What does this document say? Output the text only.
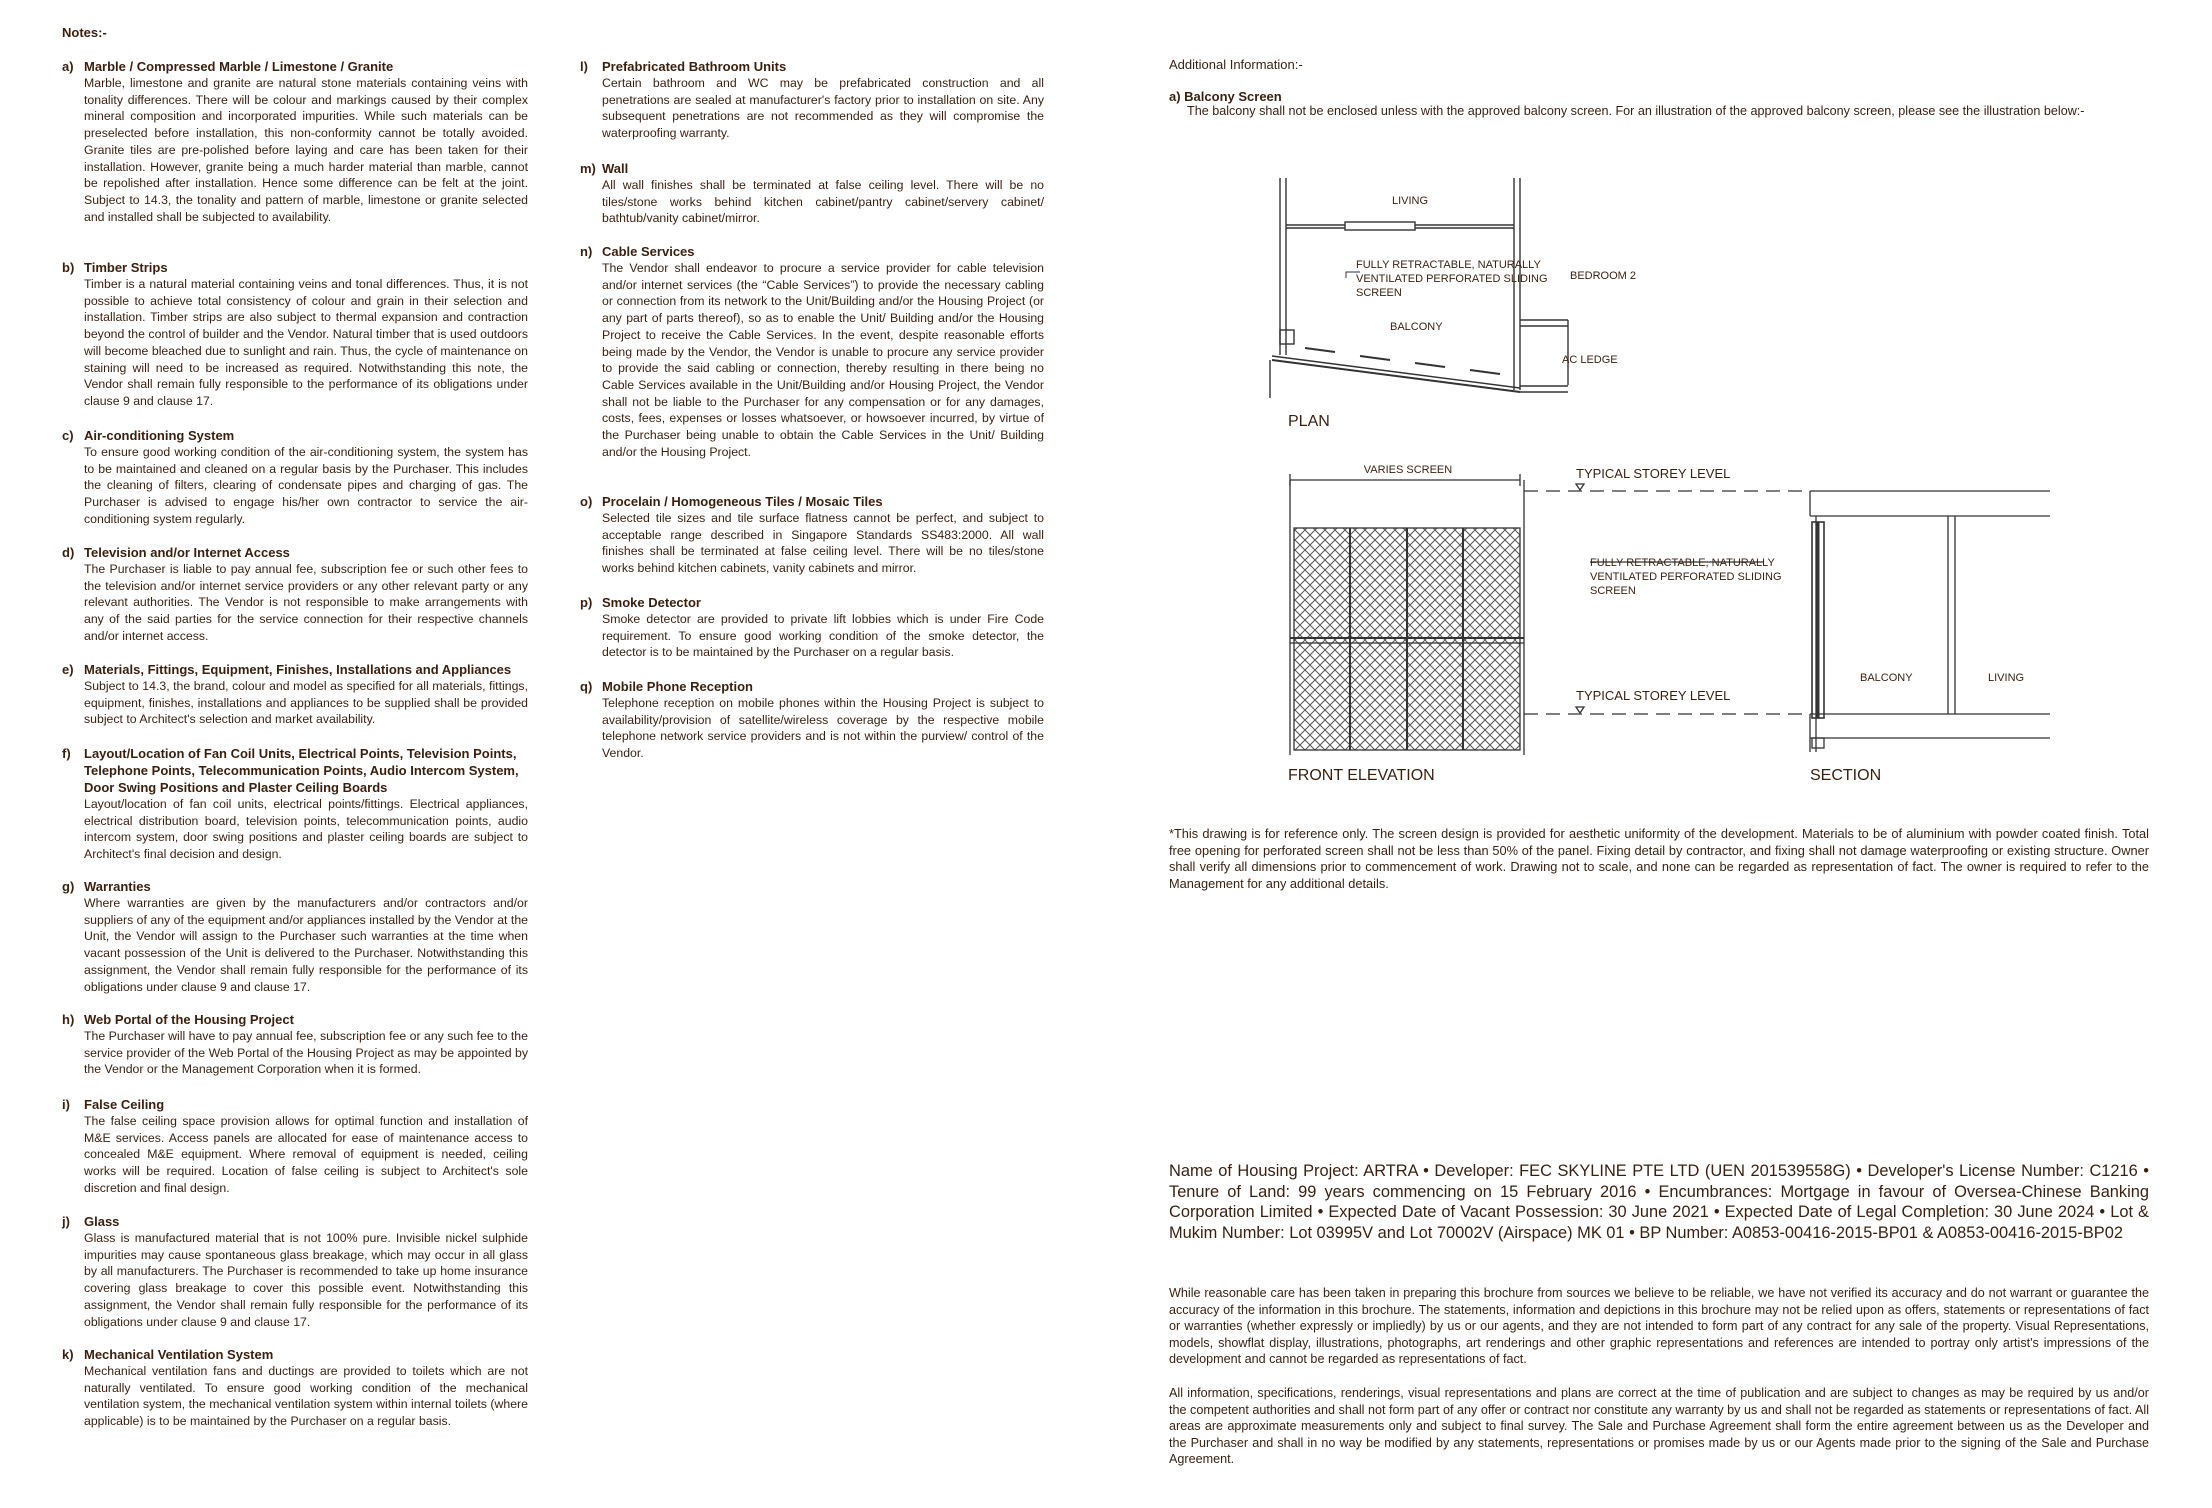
Notes:-
a) Marble / Compressed Marble / Limestone / Granite
Marble, limestone and granite are natural stone materials containing veins with tonality differences. There will be colour and markings caused by their complex mineral composition and incorporated impurities. While such materials can be preselected before installation, this non-conformity cannot be totally avoided. Granite tiles are pre-polished before laying and care has been taken for their installation. However, granite being a much harder material than marble, cannot be repolished after installation. Hence some difference can be felt at the joint. Subject to 14.3, the tonality and pattern of marble, limestone or granite selected and installed shall be subjected to availability.
b) Timber Strips
Timber is a natural material containing veins and tonal differences. Thus, it is not possible to achieve total consistency of colour and grain in their selection and installation. Timber strips are also subject to thermal expansion and contraction beyond the control of builder and the Vendor. Natural timber that is used outdoors will become bleached due to sunlight and rain. Thus, the cycle of maintenance on staining will need to be increased as required. Notwithstanding this note, the Vendor shall remain fully responsible to the performance of its obligations under clause 9 and clause 17.
c) Air-conditioning System
To ensure good working condition of the air-conditioning system, the system has to be maintained and cleaned on a regular basis by the Purchaser. This includes the cleaning of filters, clearing of condensate pipes and charging of gas. The Purchaser is advised to engage his/her own contractor to service the air-conditioning system regularly.
d) Television and/or Internet Access
The Purchaser is liable to pay annual fee, subscription fee or such other fees to the television and/or internet service providers or any other relevant party or any relevant authorities. The Vendor is not responsible to make arrangements with any of the said parties for the service connection for their respective channels and/or internet access.
e) Materials, Fittings, Equipment, Finishes, Installations and Appliances
Subject to 14.3, the brand, colour and model as specified for all materials, fittings, equipment, finishes, installations and appliances to be supplied shall be provided subject to Architect's selection and market availability.
f)	Layout/Location of Fan Coil Units, Electrical Points, Television Points, Telephone Points, Telecommunication Points, Audio Intercom System, Door Swing Positions and Plaster Ceiling Boards
Layout/location of fan coil units, electrical points/fittings. Electrical appliances, electrical distribution board, television points, telecommunication points, audio intercom system, door swing positions and plaster ceiling boards are subject to Architect's final decision and design.
g) Warranties
Where warranties are given by the manufacturers and/or contractors and/or suppliers of any of the equipment and/or appliances installed by the Vendor at the Unit, the Vendor will assign to the Purchaser such warranties at the time when vacant possession of the Unit is delivered to the Purchaser. Notwithstanding this assignment, the Vendor shall remain fully responsible for the performance of its obligations under clause 9 and clause 17.
h) Web Portal of the Housing Project
The Purchaser will have to pay annual fee, subscription fee or any such fee to the service provider of the Web Portal of the Housing Project as may be appointed by the Vendor or the Management Corporation when it is formed.
i)	False Ceiling
The false ceiling space provision allows for optimal function and installation of M&E services. Access panels are allocated for ease of maintenance access to concealed M&E equipment. Where removal of equipment is needed, ceiling works will be required. Location of false ceiling is subject to Architect's sole discretion and final design.
j)	Glass
Glass is manufactured material that is not 100% pure. Invisible nickel sulphide impurities may cause spontaneous glass breakage, which may occur in all glass by all manufacturers. The Purchaser is recommended to take up home insurance covering glass breakage to cover this possible event. Notwithstanding this assignment, the Vendor shall remain fully responsible for the performance of its obligations under clause 9 and clause 17.
k) Mechanical Ventilation System
Mechanical ventilation fans and ductings are provided to toilets which are not naturally ventilated. To ensure good working condition of the mechanical ventilation system, the mechanical ventilation system within internal toilets (where applicable) is to be maintained by the Purchaser on a regular basis.
l)	Prefabricated Bathroom Units
Certain bathroom and WC may be prefabricated construction and all penetrations are sealed at manufacturer's factory prior to installation on site. Any subsequent penetrations are not recommended as they will compromise the waterproofing warranty.
m) Wall
All wall finishes shall be terminated at false ceiling level. There will be no tiles/stone works behind kitchen cabinet/pantry cabinet/servery cabinet/ bathtub/vanity cabinet/mirror.
n) Cable Services
The Vendor shall endeavor to procure a service provider for cable television and/or internet services (the “Cable Services”) to provide the necessary cabling or connection from its network to the Unit/Building and/or the Housing Project (or any part of parts thereof), so as to enable the Unit/ Building and/or the Housing Project to receive the Cable Services. In the event, despite reasonable efforts being made by the Vendor, the Vendor is unable to procure any service provider to provide the said cabling or connection, thereby resulting in there being no Cable Services available in the Unit/Building and/or Housing Project, the Vendor shall not be liable to the Purchaser for any compensation or for any damages, costs, fees, expenses or losses whatsoever, or howsoever incurred, by virtue of the Purchaser being unable to obtain the Cable Services in the Unit/ Building and/or the Housing Project.
o) Procelain / Homogeneous Tiles / Mosaic Tiles
Selected tile sizes and tile surface flatness cannot be perfect, and subject to acceptable range described in Singapore Standards SS483:2000. All wall finishes shall be terminated at false ceiling level. There will be no tiles/stone works behind kitchen cabinets, vanity cabinets and mirror.
p) Smoke Detector
Smoke detector are provided to private lift lobbies which is under Fire Code requirement. To ensure good working condition of the smoke detector, the detector is to be maintained by the Purchaser on a regular basis.
q) Mobile Phone Reception
Telephone reception on mobile phones within the Housing Project is subject to availability/provision of satellite/wireless coverage by the respective mobile telephone network service providers and is not within the purview/ control of the Vendor.
Additional Information:-
a) Balcony Screen
The balcony shall not be enclosed unless with the approved balcony screen. For an illustration of the approved balcony screen, please see the illustration below:-
LIVING
FULLY RETRACTABLE, NATURALLY
VENTILATED PERFORATED SLIDING
SCREEN
BALCONY
BEDROOM 2
AC LEDGE
PLAN
VARIES SCREEN	TYPICAL STOREY LEVEL
TYPICAL STOREY LEVEL
FULLY RETRACTABLE, NATURALLY
VENTILATED PERFORATED SLIDING
SCREEN
FRONT ELEVATION
BALCONY	LIVING
SECTION
*This drawing is for reference only. The screen design is provided for aesthetic uniformity of the development. Materials to be of aluminium with powder coated finish. Total free opening for perforated screen shall not be less than 50% of the panel. Fixing detail by contractor, and fixing shall not damage waterproofing or existing structure. Owner shall verify all dimensions prior to commencement of work. Drawing not to scale, and none can be regarded as representation of fact. The owner is required to refer to the Management for any additional details.
Name of Housing Project: ARTRA • Developer: FEC SKYLINE PTE LTD (UEN 201539558G) • Developer's License Number: C1216 • Tenure of Land: 99 years commencing on 15 February 2016 • Encumbrances: Mortgage in favour of Oversea-Chinese Banking Corporation Limited • Expected Date of Vacant Possession: 30 June 2021 • Expected Date of Legal Completion: 30 June 2024 • Lot & Mukim Number: Lot 03995V and Lot 70002V (Airspace) MK 01 • BP Number: A0853-00416-2015-BP01 & A0853-00416-2015-BP02
While reasonable care has been taken in preparing this brochure from sources we believe to be reliable, we have not verified its accuracy and do not warrant or guarantee the accuracy of the information in this brochure. The statements, information and depictions in this brochure may not be relied upon as offers, statements or representations of fact or warranties (whether expressly or impliedly) by us or our agents, and they are not intended to form part of any contract for any sale of the property. Visual Representations, models, showflat display, illustrations, photographs, art renderings and other graphic representations and references are intended to portray only artist's impressions of the development and cannot be regarded as representations of fact.
All information, specifications, renderings, visual representations and plans are correct at the time of publication and are subject to changes as may be required by us and/or the competent authorities and shall not form part of any offer or contract nor constitute any warranty by us and shall not be regarded as statements or representations of fact. All areas are approximate measurements only and subject to final survey. The Sale and Purchase Agreement shall form the entire agreement between us as the Developer and the Purchaser and shall in no way be modified by any statements, representations or promises made by us or our Agents made prior to the signing of the Sale and Purchase Agreement.
